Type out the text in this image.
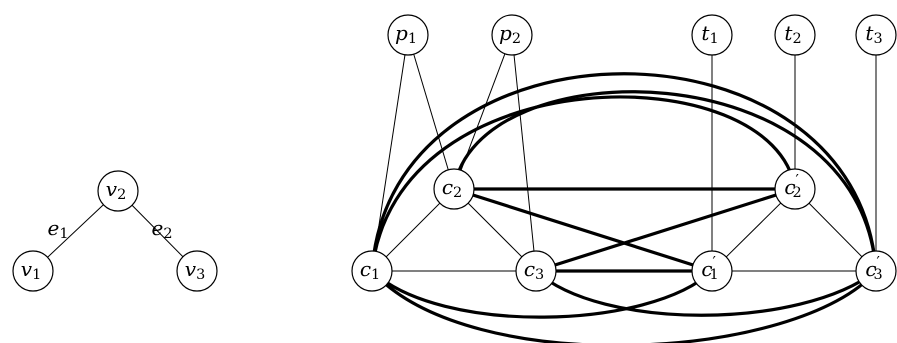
$e_1$	$e_2$
$v_1$
$v_2$
$v_3$
$p_1$	$p_2$	$t_1$	$t_2$	$t_3$
$c_1$
$c_2$
$c_3$	c′ 1
c′ 2
c′ 3
